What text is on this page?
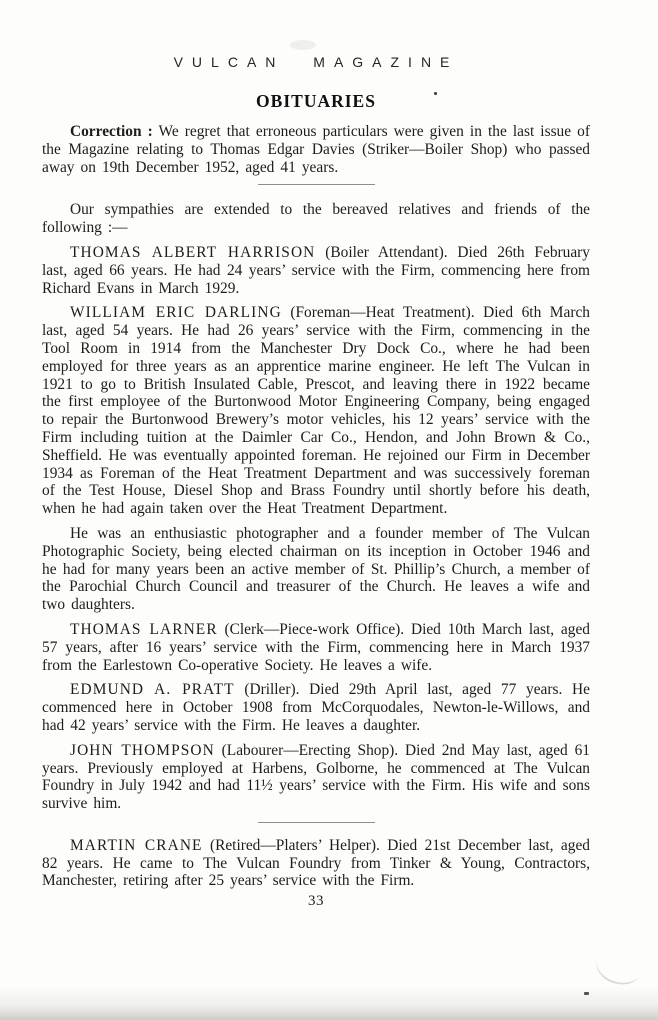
VULCAN MAGAZINE
OBITUARIES

Correction : We regret that erroneous particulars were given in the last issue of the Magazine relating to Thomas Edgar Davies (Striker—Boiler Shop) who passed away on 19th December 1952, aged 41 years.

Our sympathies are extended to the bereaved relatives and friends of the following :—

THOMAS ALBERT HARRISON (Boiler Attendant). Died 26th February last, aged 66 years. He had 24 years’ service with the Firm, commencing here from Richard Evans in March 1929.

WILLIAM ERIC DARLING (Foreman—Heat Treatment). Died 6th March last, aged 54 years. He had 26 years’ service with the Firm, commencing in the Tool Room in 1914 from the Manchester Dry Dock Co., where he had been employed for three years as an apprentice marine engineer. He left The Vulcan in 1921 to go to British Insulated Cable, Prescot, and leaving there in 1922 became the first employee of the Burtonwood Motor Engineering Company, being engaged to repair the Burtonwood Brewery’s motor vehicles, his 12 years’ service with the Firm including tuition at the Daimler Car Co., Hendon, and John Brown & Co., Sheffield. He was eventually appointed foreman. He rejoined our Firm in December 1934 as Foreman of the Heat Treatment Department and was successively foreman of the Test House, Diesel Shop and Brass Foundry until shortly before his death, when he had again taken over the Heat Treatment Department.

He was an enthusiastic photographer and a founder member of The Vulcan Photographic Society, being elected chairman on its inception in October 1946 and he had for many years been an active member of St. Phillip’s Church, a member of the Parochial Church Council and treasurer of the Church. He leaves a wife and two daughters.

THOMAS LARNER (Clerk—Piece-work Office). Died 10th March last, aged 57 years, after 16 years’ service with the Firm, commencing here in March 1937 from the Earlestown Co-operative Society. He leaves a wife.

EDMUND A. PRATT (Driller). Died 29th April last, aged 77 years. He commenced here in October 1908 from McCorquodales, Newton-le-Willows, and had 42 years’ service with the Firm. He leaves a daughter.

JOHN THOMPSON (Labourer—Erecting Shop). Died 2nd May last, aged 61 years. Previously employed at Harbens, Golborne, he commenced at The Vulcan Foundry in July 1942 and had 11½ years’ service with the Firm. His wife and sons survive him.

MARTIN CRANE (Retired—Platers’ Helper). Died 21st December last, aged 82 years. He came to The Vulcan Foundry from Tinker & Young, Contractors, Manchester, retiring after 25 years’ service with the Firm.

33
